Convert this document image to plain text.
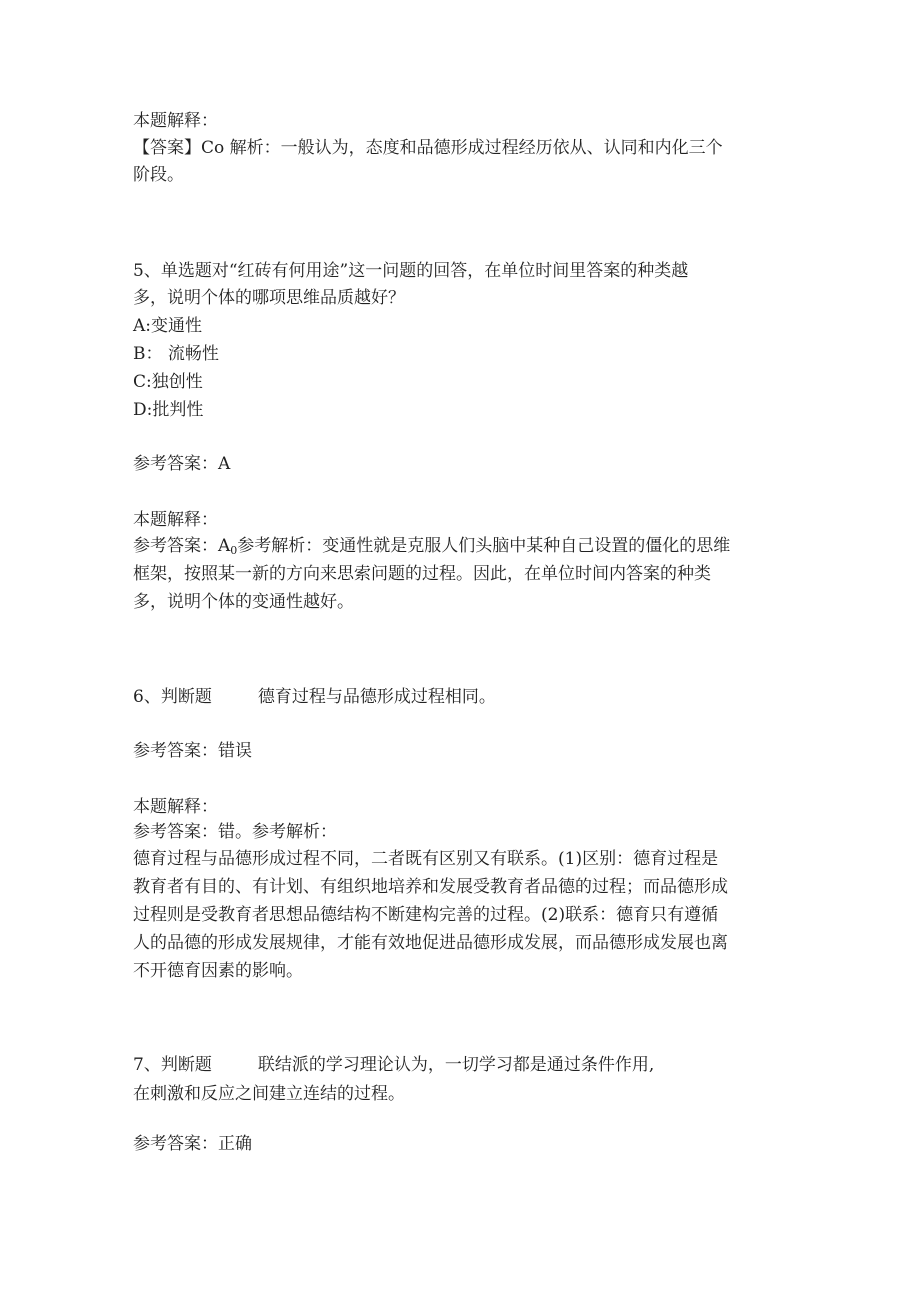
本题解释：
【答案】Co 解析：一般认为，态度和品德形成过程经历依从、认同和内化三个
阶段。
5、单选题对“红砖有何用途”这一问题的回答，在单位时间里答案的种类越
多，说明个体的哪项思维品质越好？
A:变通性
B： 流畅性
C:独创性
D:批判性
参考答案：A
本题解释：
参考答案：$A_0$参考解析：变通性就是克服人们头脑中某种自己设置的僵化的思维
框架，按照某一新的方向来思索问题的过程。因此，在单位时间内答案的种类
多，说明个体的变通性越好。
6、判断题	德育过程与品德形成过程相同。
参考答案：错误
本题解释：
参考答案：错。参考解析：
德育过程与品德形成过程不同，二者既有区别又有联系。(1)区别：德育过程是
教育者有目的、有计划、有组织地培养和发展受教育者品德的过程；而品德形成
过程则是受教育者思想品德结构不断建构完善的过程。(2)联系：德育只有遵循
人的品德的形成发展规律，才能有效地促进品德形成发展，而品德形成发展也离
不开德育因素的影响。
7、判断题	联结派的学习理论认为，一切学习都是通过条件作用,
在刺激和反应之间建立连结的过程。
参考答案：正确
